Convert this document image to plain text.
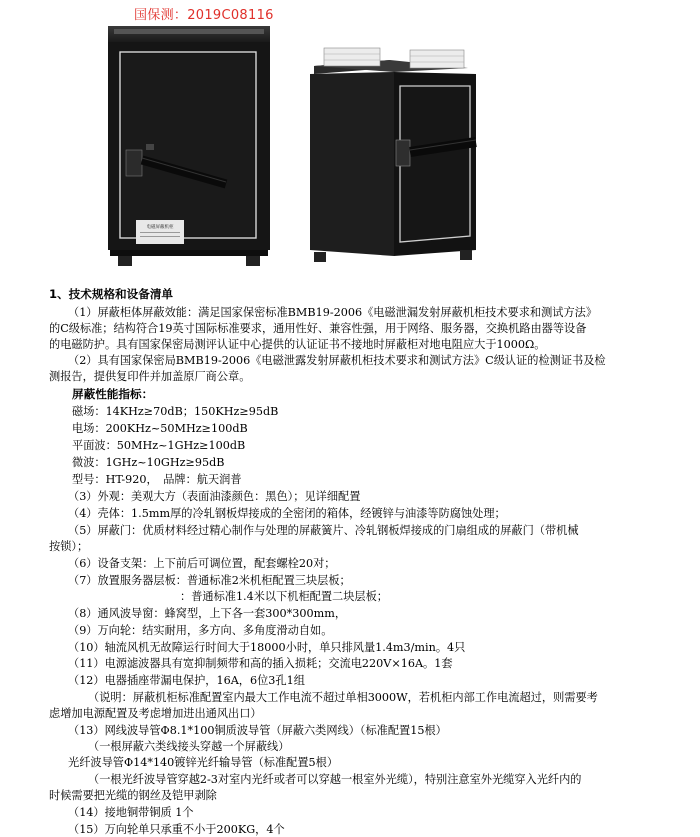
国保测：2019C08116
电磁屏蔽机柜
1、技术规格和设备清单
（1）屏蔽柜体屏蔽效能：满足国家保密标准BMB19-2006《电磁泄漏发射屏蔽机柜技术要求和测试方法》
的C级标准；结构符合19英寸国际标准要求，通用性好、兼容性强，用于网络、服务器，交换机路由器等设备
的电磁防护。具有国家保密局测评认证中心提供的认证证书不接地时屏蔽柜对地电阻应大于1000Ω。
（2）具有国家保密局BMB19-2006《电磁泄露发射屏蔽机柜技术要求和测试方法》C级认证的检测证书及检
测报告，提供复印件并加盖原厂商公章。
屏蔽性能指标：
磁场：14KHz≥70dB；150KHz≥95dB
电场：200KHz~50MHz≥100dB
平面波：50MHz~1GHz≥100dB
微波：1GHz~10GHz≥95dB
型号：HT-920，　品牌：航天润普
（3）外观：美观大方（表面油漆颜色：黑色）；见详细配置
（4）壳体：1.5mm厚的冷轧钢板焊接成的全密闭的箱体，经镀锌与油漆等防腐蚀处理；
（5）屏蔽门：优质材料经过精心制作与处理的屏蔽簧片、冷轧钢板焊接成的门扇组成的屏蔽门（带机械
按锁）；
（6）设备支架：上下前后可调位置，配套螺栓20对；
（7）放置服务器层板：普通标准2米机柜配置三块层板；
：普通标准1.4米以下机柜配置二块层板；
（8）通风波导窗：蜂窝型，上下各一套300*300mm，
（9）万向轮：结实耐用，多方向、多角度滑动自如。
（10）轴流风机无故障运行时间大于18000小时，单只排风量1.4m3/min。4只
（11）电源滤波器具有宽抑制频带和高的插入损耗；交流电220V×16A。1套
（12）电器插座带漏电保护，16A，6位3孔1组
（说明：屏蔽机柜标准配置室内最大工作电流不超过单相3000W，若机柜内部工作电流超过，则需要考
虑增加电源配置及考虑增加进出通风出口）
（13）网线波导管Φ8.1*100铜质波导管（屏蔽六类网线）（标准配置15根）
（一根屏蔽六类线接头穿越一个屏蔽线）
光纤波导管Φ14*140镀锌光纤输导管（标准配置5根）
（一根光纤波导管穿越2-3对室内光纤或者可以穿越一根室外光缆），特别注意室外光缆穿入光纤内的
时候需要把光缆的钢丝及铠甲剥除
（14）接地铜带铜质 1个
（15）万向轮单只承重不小于200KG，4个
